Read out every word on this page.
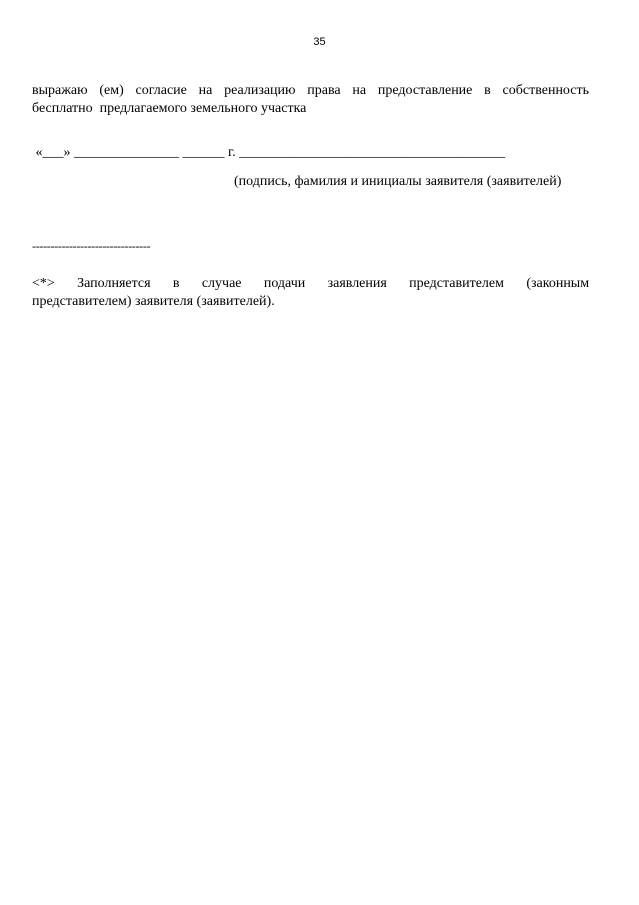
35
выражаю (ем) согласие на реализацию права на предоставление в собственность
бесплатно  предлагаемого земельного участка
«___» _______________ ______ г. ______________________________________
(подпись, фамилия и инициалы заявителя (заявителей)
--------------------------------
<*> Заполняется в случае подачи заявления представителем (законным
представителем) заявителя (заявителей).
